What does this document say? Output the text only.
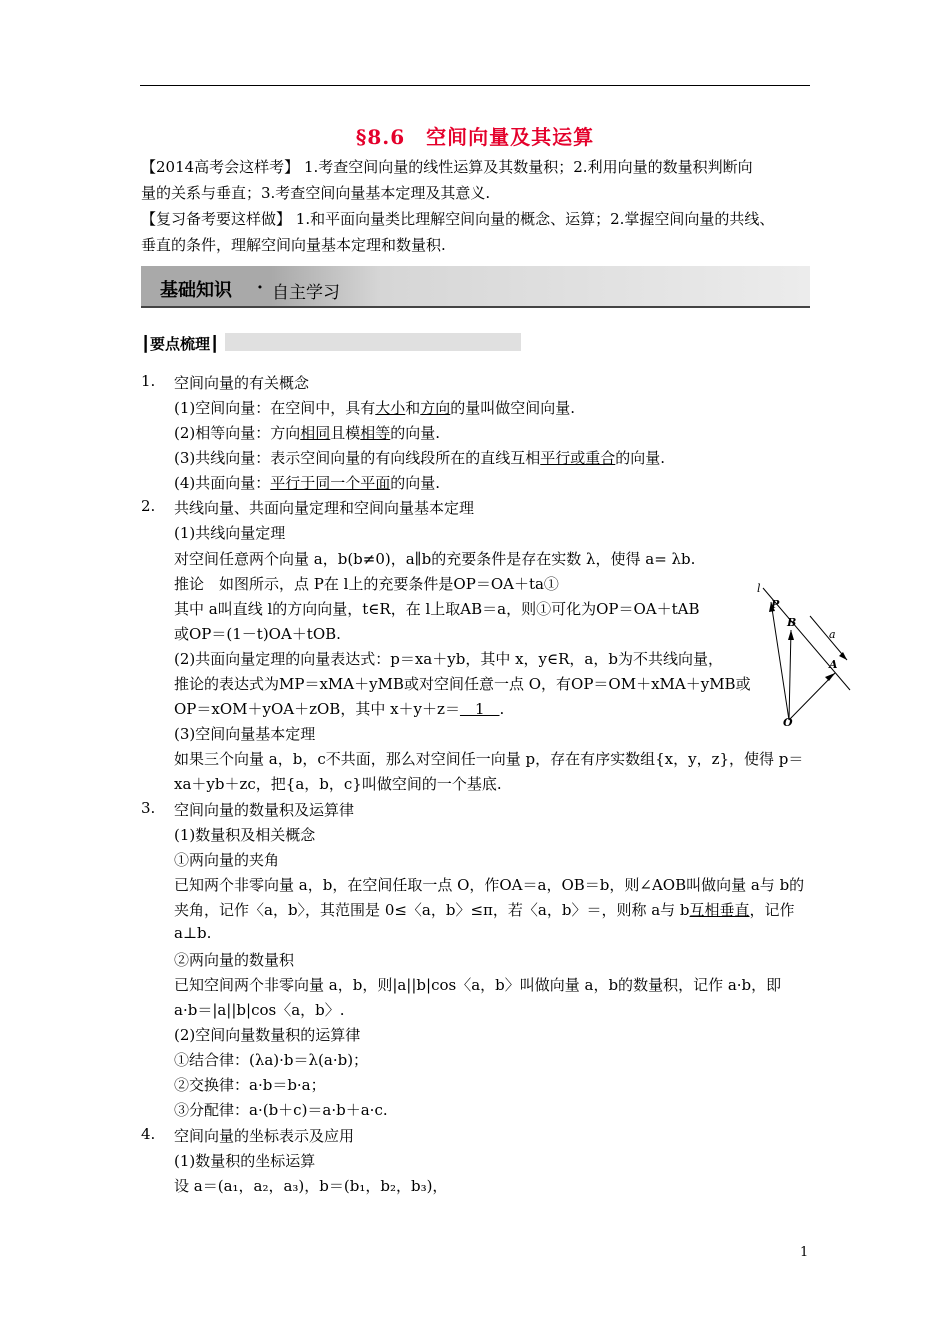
§8.6　空间向量及其运算
【2014高考会这样考】 1.考查空间向量的线性运算及其数量积；2.利用向量的数量积判断向
量的关系与垂直；3.考查空间向量基本定理及其意义.
【复习备考要这样做】 1.和平面向量类比理解空间向量的概念、运算；2.掌握空间向量的共线、
垂直的条件，理解空间向量基本定理和数量积.
基础知识 · 自主学习
┃要点梳理┃
1. 空间向量的有关概念
(1)空间向量：在空间中，具有大小和方向的量叫做空间向量.
(2)相等向量：方向相同且模相等的向量.
(3)共线向量：表示空间向量的有向线段所在的直线互相平行或重合的向量.
(4)共面向量：平行于同一个平面的向量.
2. 共线向量、共面向量定理和空间向量基本定理
(1)共线向量定理
对空间任意两个向量 a，b(b≠0)，a∥b的充要条件是存在实数 λ，使得 a= λb.
推论　如图所示，点 P在 l上的充要条件是OP＝OA＋ta①
其中 a叫直线 l的方向向量，t∈R，在 l上取AB＝a，则①可化为OP＝OA＋tAB
或OP＝(1－t)OA＋tOB.
(2)共面向量定理的向量表达式：p＝xa＋yb，其中 x，y∈R，a，b为不共线向量，
推论的表达式为MP＝xMA＋yMB或对空间任意一点 O，有OP＝OM＋xMA＋yMB或
OP＝xOM＋yOA＋zOB，其中 x＋y＋z＝　1　.
(3)空间向量基本定理
如果三个向量 a，b，c不共面，那么对空间任一向量 p，存在有序实数组{x，y，z}，使得 p＝
xa＋yb＋zc，把{a，b，c}叫做空间的一个基底.
l
P
B
A
O
a
3. 空间向量的数量积及运算律
(1)数量积及相关概念
①两向量的夹角
已知两个非零向量 a，b，在空间任取一点 O，作OA＝a，OB＝b，则∠AOB叫做向量 a与 b的
夹角，记作〈a，b〉，其范围是 0≤〈a，b〉≤π，若〈a，b〉＝，则称 a与 b互相垂直，记作
a⊥b.
②两向量的数量积
已知空间两个非零向量 a，b，则|a||b|cos〈a，b〉叫做向量 a，b的数量积，记作 a·b，即
a·b＝|a||b|cos〈a，b〉.
(2)空间向量数量积的运算律
①结合律：(λa)·b＝λ(a·b)；
②交换律：a·b＝b·a；
③分配律：a·(b＋c)＝a·b＋a·c.
4. 空间向量的坐标表示及应用
(1)数量积的坐标运算
设 a＝(a₁，a₂，a₃)，b＝(b₁，b₂，b₃)，
1
